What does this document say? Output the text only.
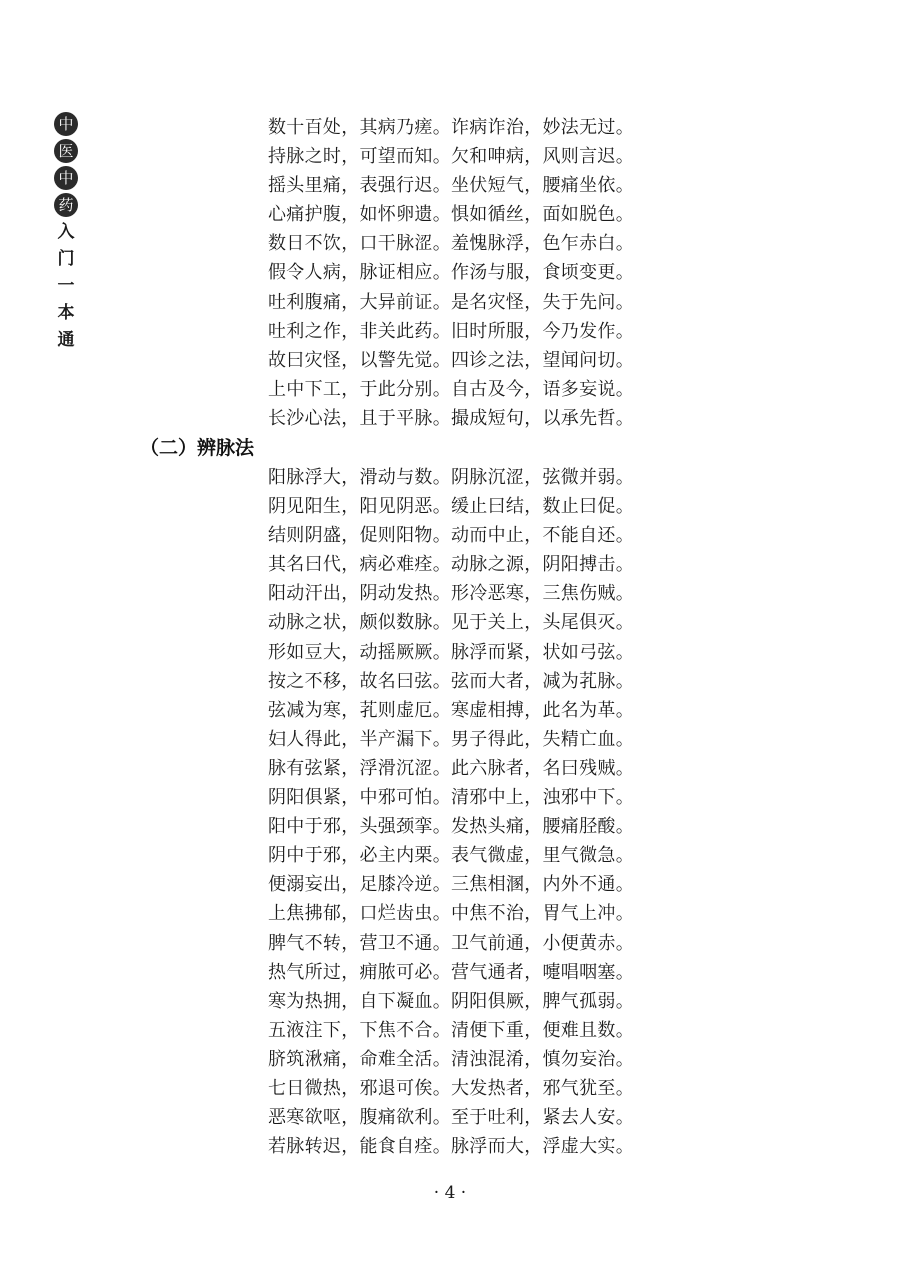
中
医
中
药
入
门
一
本
通
数十百处，其病乃瘥。诈病诈治，妙法无过。
持脉之时，可望而知。欠和呻病，风则言迟。
摇头里痛，表强行迟。坐伏短气，腰痛坐依。
心痛护腹，如怀卵遗。惧如循丝，面如脱色。
数日不饮，口干脉涩。羞愧脉浮，色乍赤白。
假令人病，脉证相应。作汤与服，食顷变更。
吐利腹痛，大异前证。是名灾怪，失于先问。
吐利之作，非关此药。旧时所服，今乃发作。
故曰灾怪，以警先觉。四诊之法，望闻问切。
上中下工，于此分别。自古及今，语多妄说。
长沙心法，且于平脉。撮成短句，以承先哲。
（二）辨脉法
阳脉浮大，滑动与数。阴脉沉涩，弦微并弱。
阴见阳生，阳见阴恶。缓止曰结，数止曰促。
结则阴盛，促则阳物。动而中止，不能自还。
其名曰代，病必难痊。动脉之源，阴阳搏击。
阳动汗出，阴动发热。形冷恶寒，三焦伤贼。
动脉之状，颇似数脉。见于关上，头尾俱灭。
形如豆大，动摇厥厥。脉浮而紧，状如弓弦。
按之不移，故名曰弦。弦而大者，减为芤脉。
弦减为寒，芤则虚厄。寒虚相搏，此名为革。
妇人得此，半产漏下。男子得此，失精亡血。
脉有弦紧，浮滑沉涩。此六脉者，名曰残贼。
阴阳俱紧，中邪可怕。清邪中上，浊邪中下。
阳中于邪，头强颈挛。发热头痛，腰痛胫酸。
阴中于邪，必主内栗。表气微虚，里气微急。
便溺妄出，足膝冷逆。三焦相溷，内外不通。
上焦拂郁，口烂齿虫。中焦不治，胃气上冲。
脾气不转，营卫不通。卫气前通，小便黄赤。
热气所过，痈脓可必。营气通者，嚏唱咽塞。
寒为热拥，自下凝血。阴阳俱厥，脾气孤弱。
五液注下，下焦不合。清便下重，便难且数。
脐筑湫痛，命难全活。清浊混淆，慎勿妄治。
七日微热，邪退可俟。大发热者，邪气犹至。
恶寒欲呕，腹痛欲利。至于吐利，紧去人安。
若脉转迟，能食自痊。脉浮而大，浮虚大实。
· 4 ·
